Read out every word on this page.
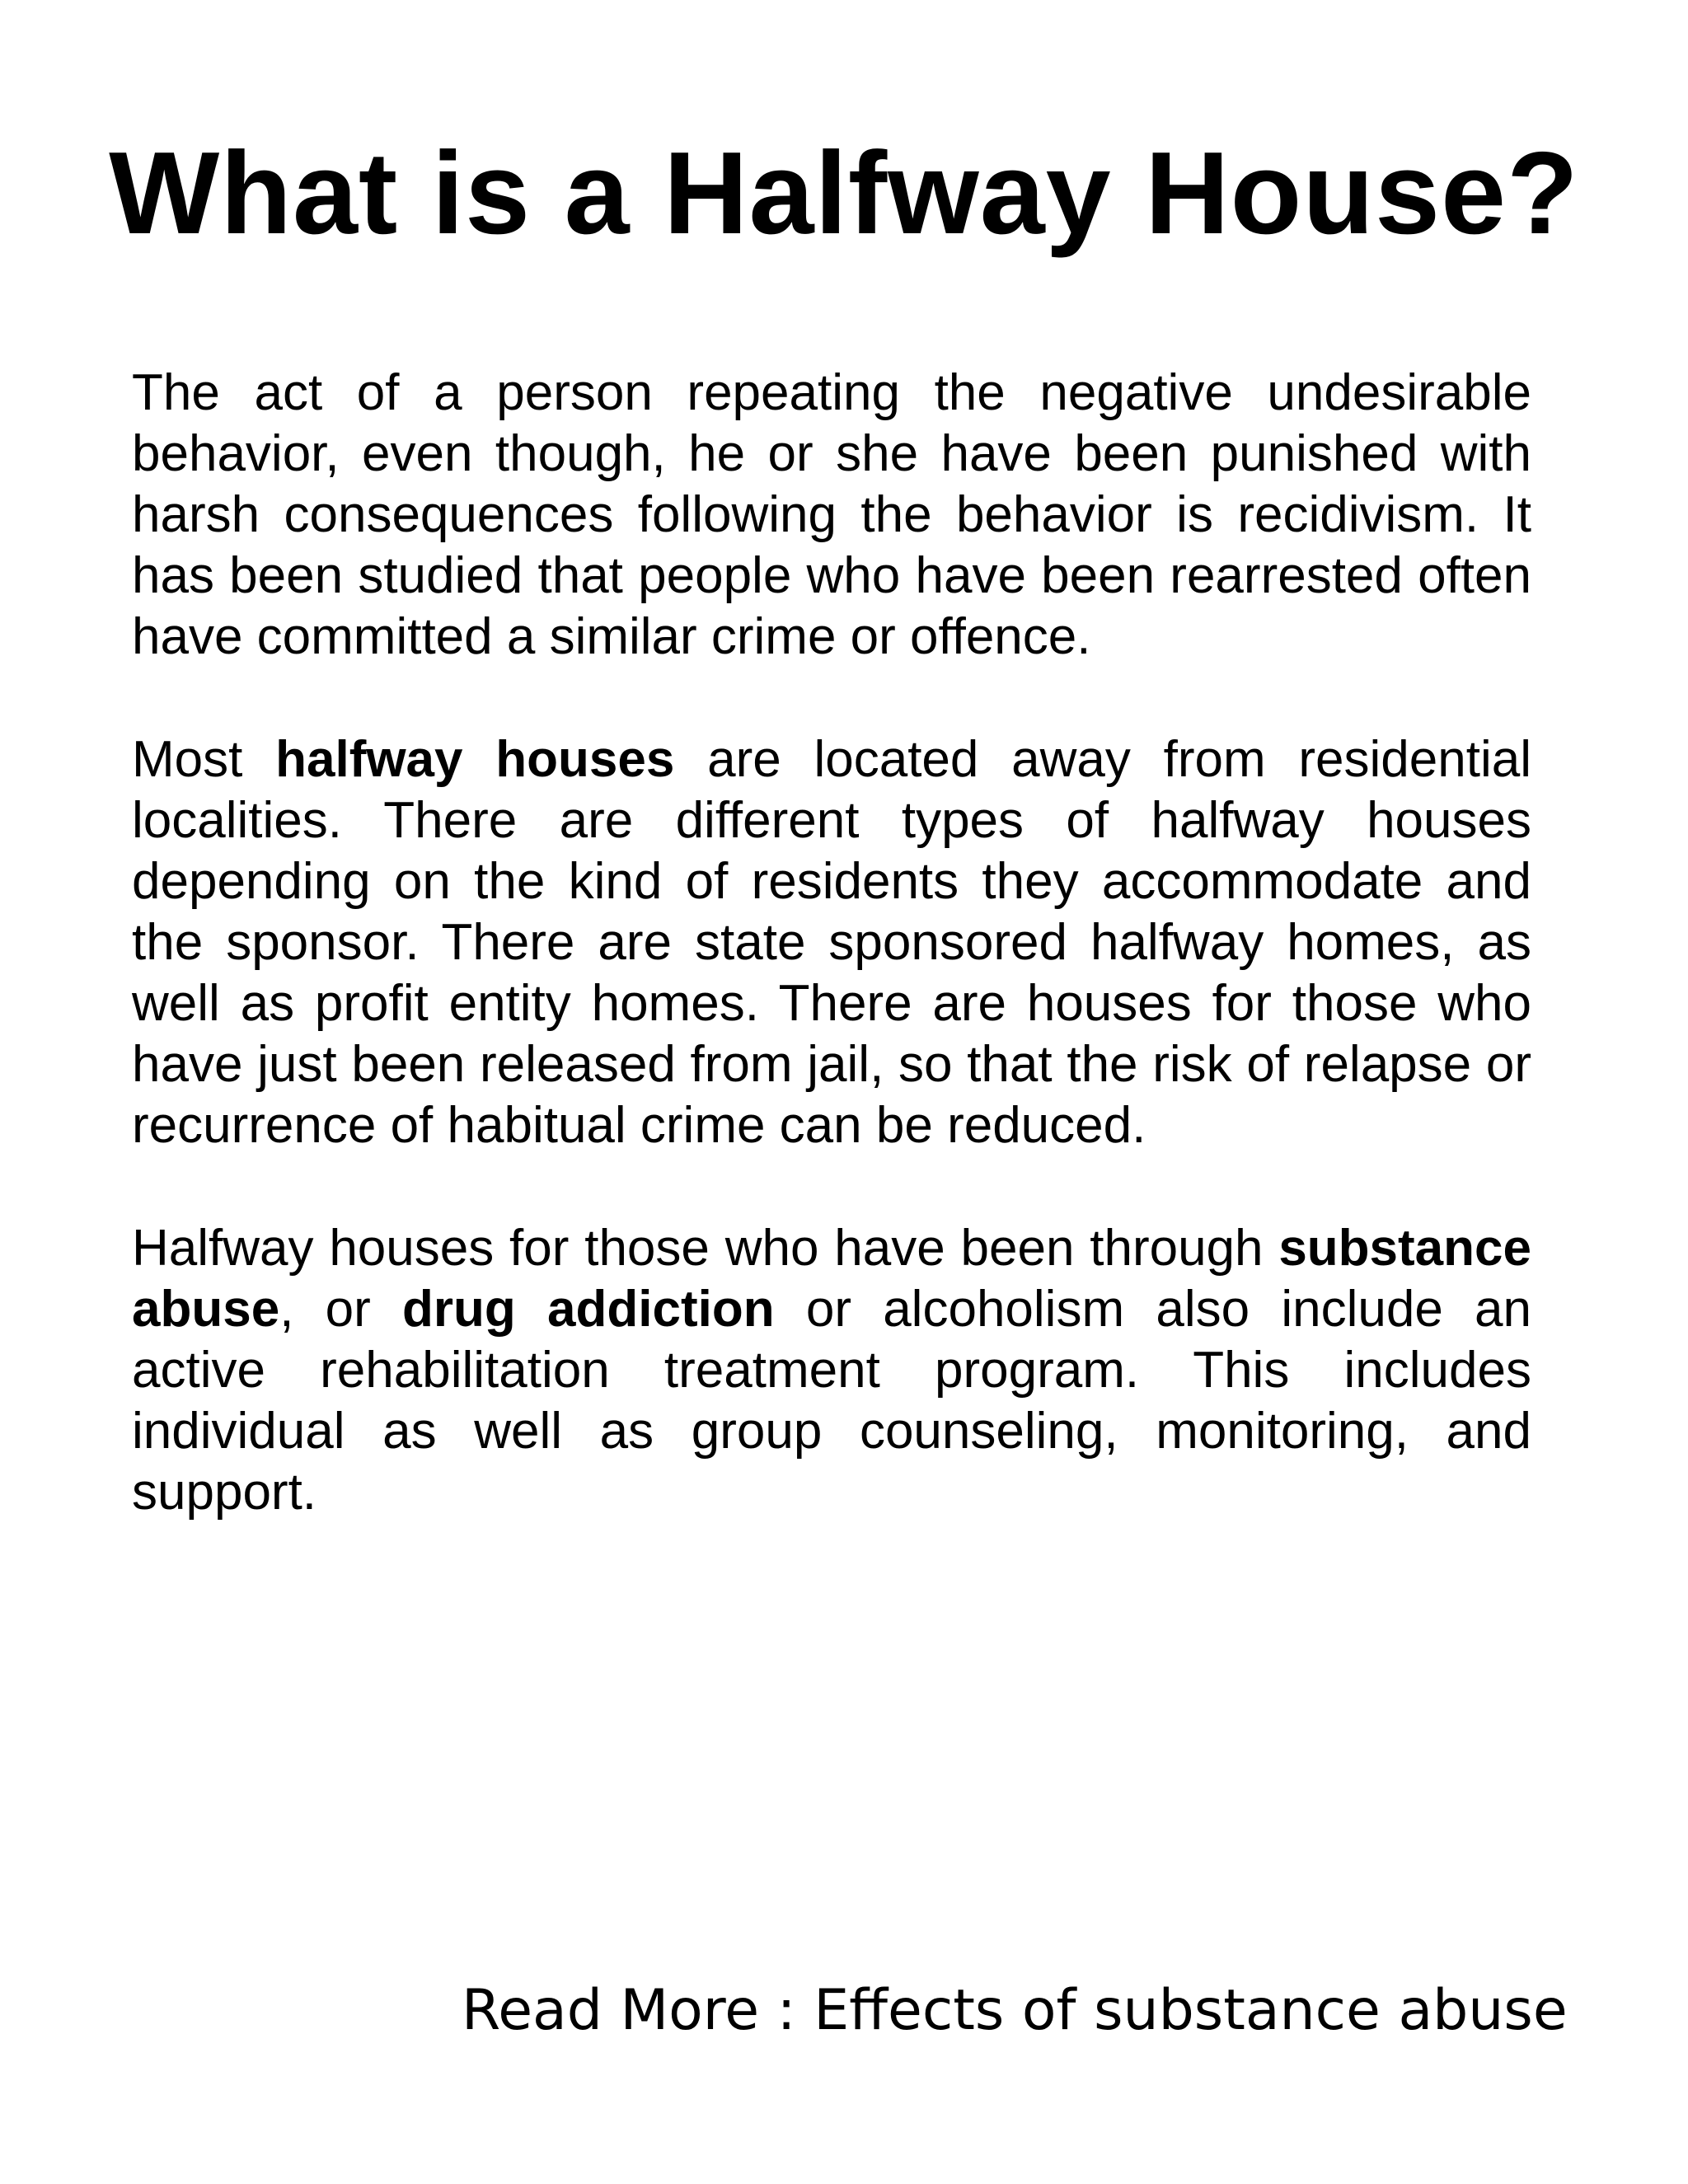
What is a Halfway House?

The act of a person repeating the negative undesirable behavior, even though, he or she have been punished with harsh consequences following the behavior is recidivism. It has been studied that people who have been rearrested often have committed a similar crime or offence.

Most halfway houses are located away from residential localities. There are different types of halfway houses depending on the kind of residents they accommodate and the sponsor. There are state sponsored halfway homes, as well as profit entity homes. There are houses for those who have just been released from jail, so that the risk of relapse or recurrence of habitual crime can be reduced.

Halfway houses for those who have been through substance abuse, or drug addiction or alcoholism also include an active rehabilitation treatment program. This includes individual as well as group counseling, monitoring, and support.

Read More : Effects of substance abuse
